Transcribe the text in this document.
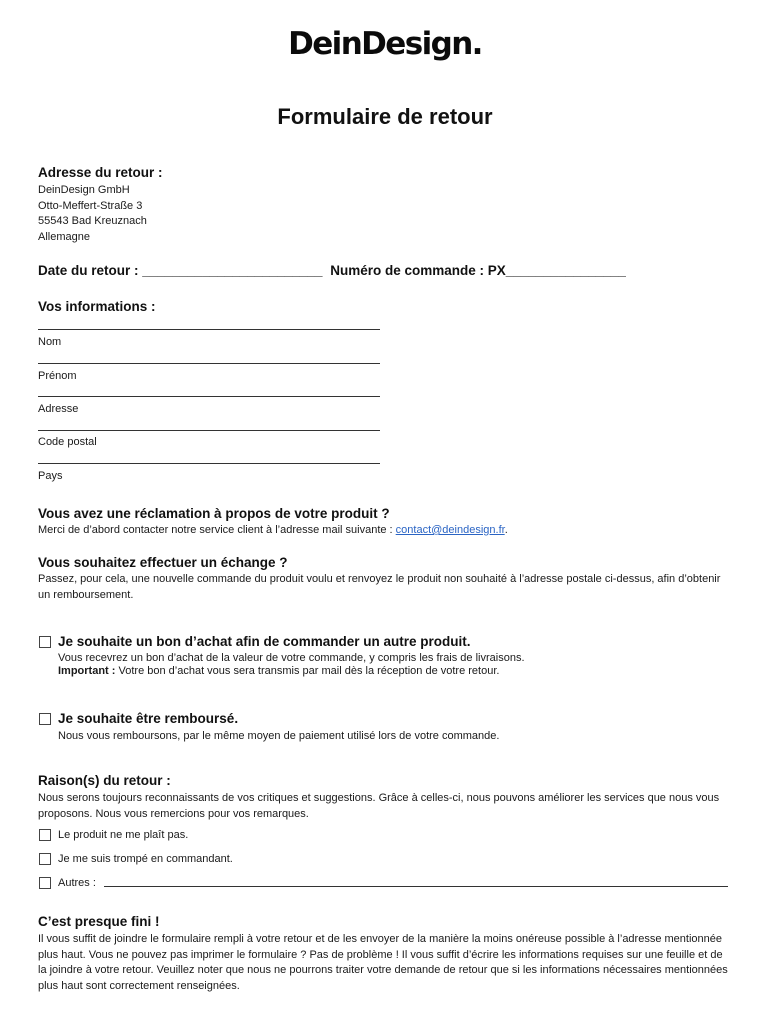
DeinDesign.
Formulaire de retour
Adresse du retour :
DeinDesign GmbH
Otto-Meffert-Straße 3
55543 Bad Kreuznach
Allemagne
Date du retour : ________________________ Numéro de commande : PX________________
Vos informations :
Nom
Prénom
Adresse
Code postal
Pays
Vous avez une réclamation à propos de votre produit ?
Merci de d’abord contacter notre service client à l’adresse mail suivante : contact@deindesign.fr.
Vous souhaitez effectuer un échange ?
Passez, pour cela, une nouvelle commande du produit voulu et renvoyez le produit non souhaité à l’adresse postale ci-dessus, afin d’obtenir un remboursement.
Je souhaite un bon d’achat afin de commander un autre produit.
Vous recevrez un bon d’achat de la valeur de votre commande, y compris les frais de livraisons.
Important : Votre bon d’achat vous sera transmis par mail dès la réception de votre retour.
Je souhaite être remboursé.
Nous vous remboursons, par le même moyen de paiement utilisé lors de votre commande.
Raison(s) du retour :
Nous serons toujours reconnaissants de vos critiques et suggestions. Grâce à celles-ci, nous pouvons améliorer les services que nous vous proposons. Nous vous remercions pour vos remarques.
Le produit ne me plaît pas.
Je me suis trompé en commandant.
Autres :
C’est presque fini !
Il vous suffit de joindre le formulaire rempli à votre retour et de les envoyer de la manière la moins onéreuse possible à l’adresse mentionnée plus haut. Vous ne pouvez pas imprimer le formulaire ? Pas de problème ! Il vous suffit d’écrire les informations requises sur une feuille et de la joindre à votre retour. Veuillez noter que nous ne pourrons traiter votre demande de retour que si les informations nécessaires mentionnées plus haut sont correctement renseignées.
